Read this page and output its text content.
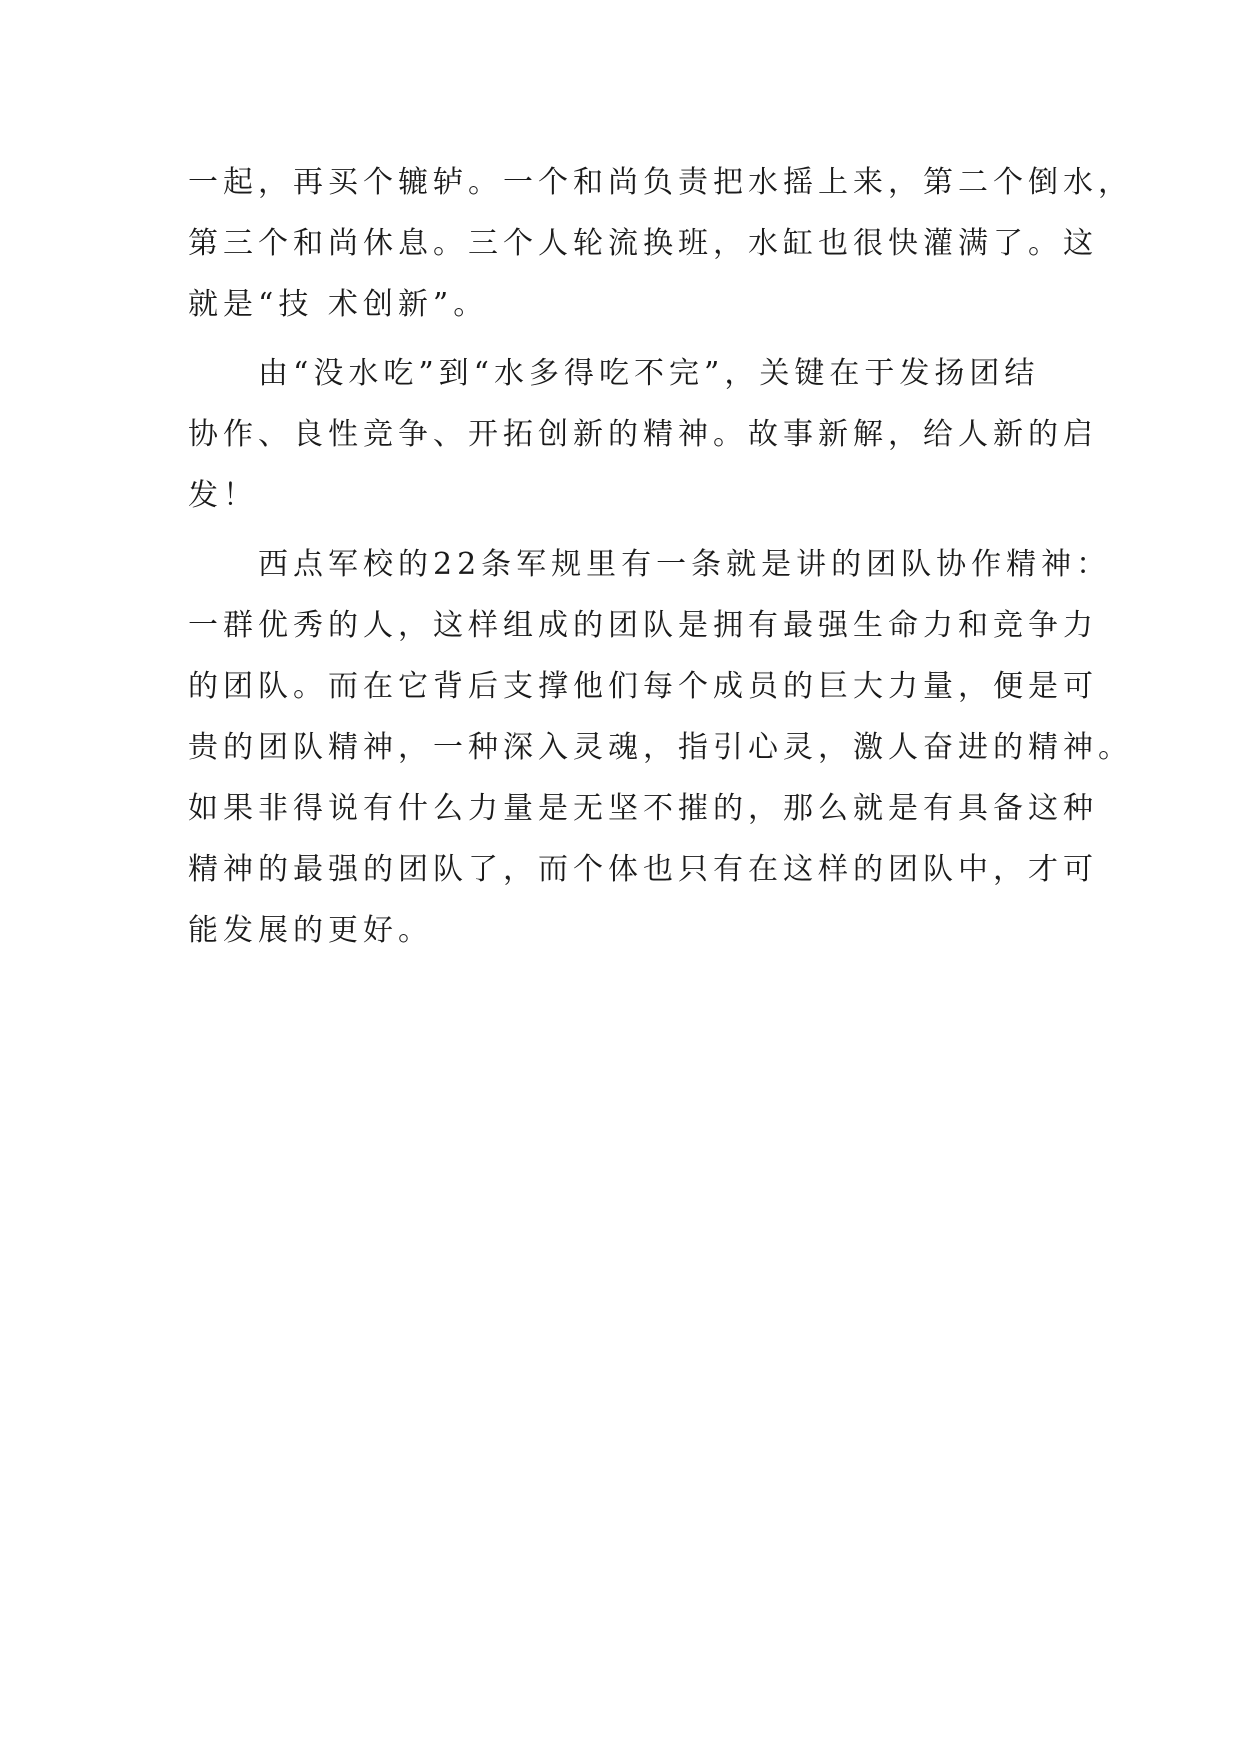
一起，再买个辘轳。一个和尚负责把水摇上来，第二个倒水，
第三个和尚休息。三个人轮流换班，水缸也很快灌满了。这
就是“技 术创新”。
由“没水吃”到“水多得吃不完”，关键在于发扬团结
协作、良性竞争、开拓创新的精神。故事新解，给人新的启
发！
西点军校的22条军规里有一条就是讲的团队协作精神：
一群优秀的人，这样组成的团队是拥有最强生命力和竞争力
的团队。而在它背后支撑他们每个成员的巨大力量，便是可
贵的团队精神，一种深入灵魂，指引心灵，激人奋进的精神。
如果非得说有什么力量是无坚不摧的，那么就是有具备这种
精神的最强的团队了，而个体也只有在这样的团队中，才可
能发展的更好。
